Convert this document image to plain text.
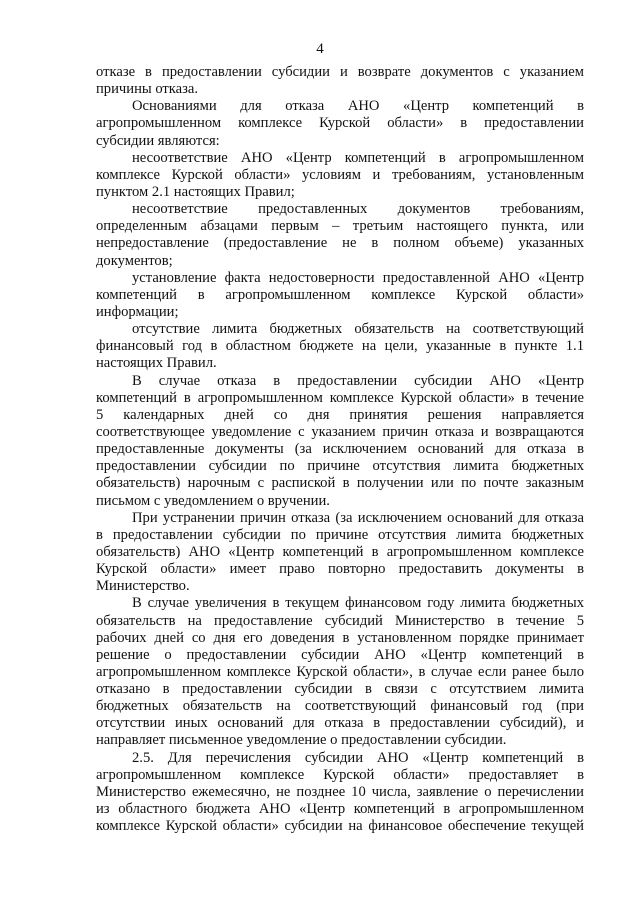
4
отказе в предоставлении субсидии и возврате документов с указанием
причины отказа.
Основаниями для отказа АНО «Центр компетенций в
агропромышленном комплексе Курской области» в предоставлении
субсидии являются:
несоответствие АНО «Центр компетенций в агропромышленном
комплексе Курской области» условиям и требованиям, установленным
пунктом 2.1 настоящих Правил;
несоответствие предоставленных документов требованиям,
определенным абзацами первым – третьим настоящего пункта, или
непредоставление (предоставление не в полном объеме) указанных
документов;
установление факта недостоверности предоставленной АНО «Центр
компетенций в агропромышленном комплексе Курской области»
информации;
отсутствие лимита бюджетных обязательств на соответствующий
финансовый год в областном бюджете на цели, указанные в пункте 1.1
настоящих Правил.
В случае отказа в предоставлении субсидии АНО «Центр
компетенций в агропромышленном комплексе Курской области» в течение
5 календарных дней со дня принятия решения направляется
соответствующее уведомление с указанием причин отказа и возвращаются
предоставленные документы (за исключением оснований для отказа в
предоставлении субсидии по причине отсутствия лимита бюджетных
обязательств) нарочным с распиской в получении или по почте заказным
письмом с уведомлением о вручении.
При устранении причин отказа (за исключением оснований для отказа
в предоставлении субсидии по причине отсутствия лимита бюджетных
обязательств) АНО «Центр компетенций в агропромышленном комплексе
Курской области» имеет право повторно предоставить документы в
Министерство.
В случае увеличения в текущем финансовом году лимита бюджетных
обязательств на предоставление субсидий Министерство в течение 5
рабочих дней со дня его доведения в установленном порядке принимает
решение о предоставлении субсидии АНО «Центр компетенций в
агропромышленном комплексе Курской области», в случае если ранее было
отказано в предоставлении субсидии в связи с отсутствием лимита
бюджетных обязательств на соответствующий финансовый год (при
отсутствии иных оснований для отказа в предоставлении субсидий), и
направляет письменное уведомление о предоставлении субсидии.
2.5. Для перечисления субсидии АНО «Центр компетенций в
агропромышленном комплексе Курской области» предоставляет в
Министерство ежемесячно, не позднее 10 числа, заявление о перечислении
из областного бюджета АНО «Центр компетенций в агропромышленном
комплексе Курской области» субсидии на финансовое обеспечение текущей
